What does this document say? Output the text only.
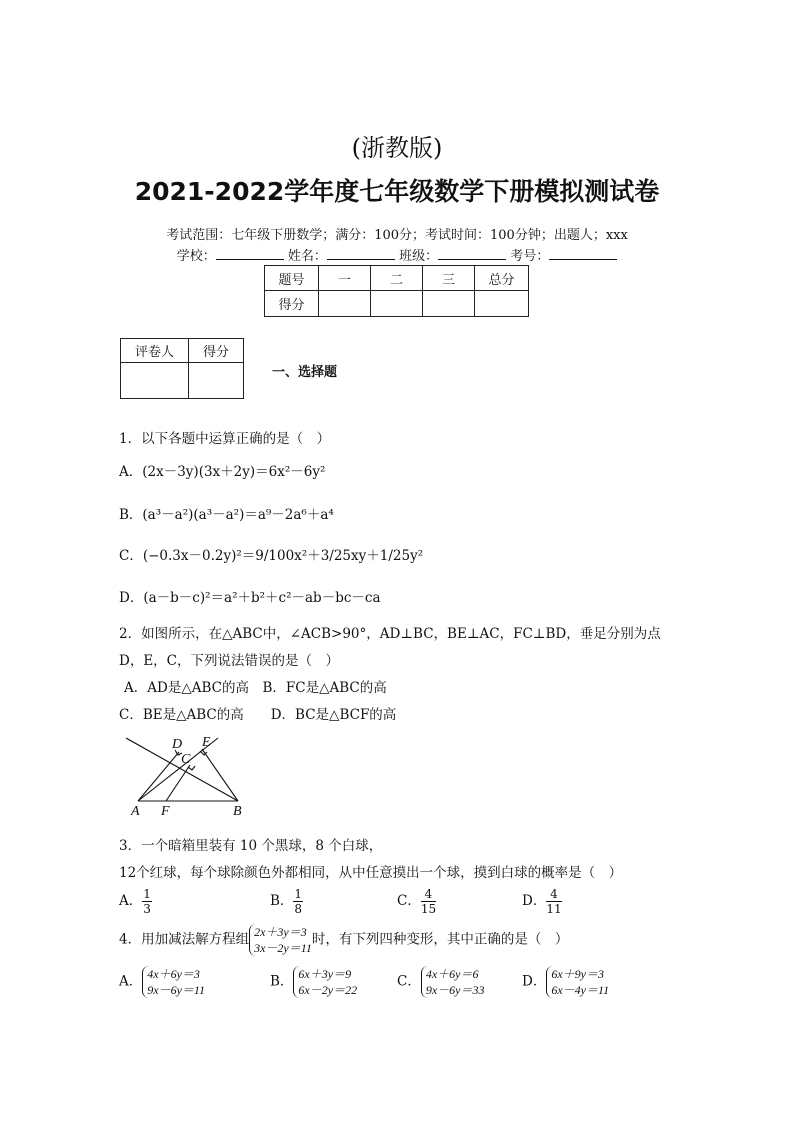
(浙教版)
2021-2022学年度七年级数学下册模拟测试卷
考试范围：七年级下册数学；满分：100分；考试时间：100分钟；出题人；xxx
学校：	姓名：	班级：	考号：
题号	一	二	三	总分
得分				
评卷人	得分

一、选择题
1．以下各题中运算正确的是（　）
A．(2x－3y)(3x＋2y)＝6x²－6y²
B．(a³－a²)(a³－a²)＝a⁹－2a⁶＋a⁴
C．(−0.3x－0.2y)²＝9/100x²＋3/25xy＋1/25y²
D．(a－b－c)²＝a²＋b²＋c²－ab－bc－ca
2．如图所示，在△ABC中，∠ACB>90°，AD⊥BC，BE⊥AC，FC⊥BD，垂足分别为点
D，E，C，下列说法错误的是（　）
A．AD是△ABC的高　B．FC是△ABC的高
C．BE是△ABC的高　　D．BC是△BCF的高
D E
C
A F	B
3．一个暗箱里装有 10 个黑球，8 个白球，
12个红球，每个球除颜色外都相同，从中任意摸出一个球，摸到白球的概率是（　）
A． $\frac{1}{3}$	B． $\frac{1}{8}$	C． $\frac{4}{15}$	D． $\frac{4}{11}$
4．用加减法解方程组 2x＋3y＝3
3x－2y＝11
时，有下列四种变形，其中正确的是（　）
A． 4x＋6y＝3
9x－6y＝11
B． 6x＋3y＝9
6x－2y＝22
C． 4x＋6y＝6
9x－6y＝33
D． 6x＋9y＝3
6x－4y＝11
